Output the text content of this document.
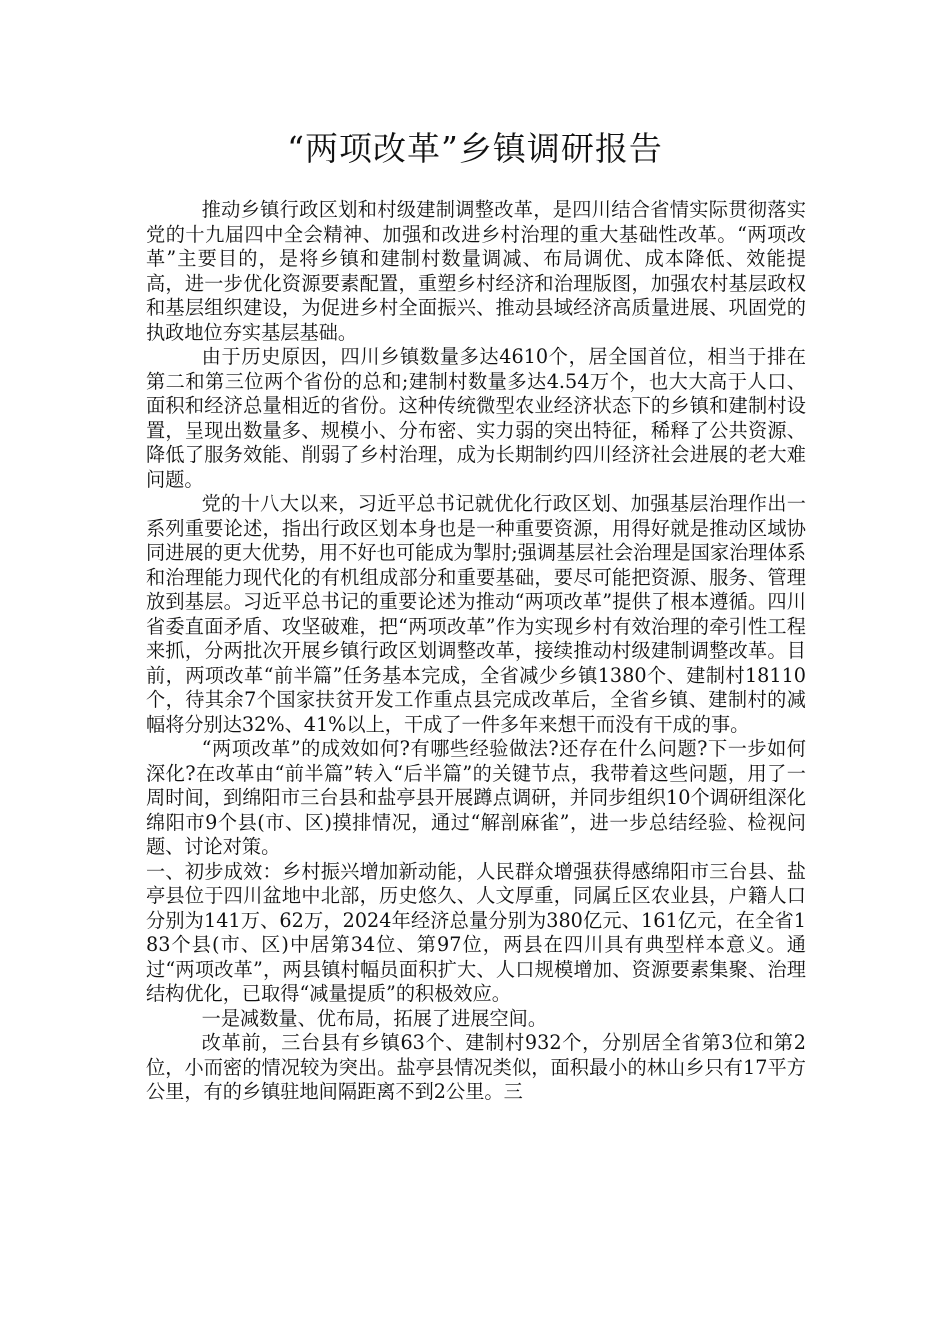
“两项改革”乡镇调研报告

推动乡镇行政区划和村级建制调整改革，是四川结合省情实际贯彻落实党的十九届四中全会精神、加强和改进乡村治理的重大基础性改革。“两项改革”主要目的，是将乡镇和建制村数量调减、布局调优、成本降低、效能提高，进一步优化资源要素配置，重塑乡村经济和治理版图，加强农村基层政权和基层组织建设，为促进乡村全面振兴、推动县域经济高质量进展、巩固党的执政地位夯实基层基础。

由于历史原因，四川乡镇数量多达4610个，居全国首位，相当于排在第二和第三位两个省份的总和;建制村数量多达4.54万个，也大大高于人口、面积和经济总量相近的省份。这种传统微型农业经济状态下的乡镇和建制村设置，呈现出数量多、规模小、分布密、实力弱的突出特征，稀释了公共资源、降低了服务效能、削弱了乡村治理，成为长期制约四川经济社会进展的老大难问题。

党的十八大以来，习近平总书记就优化行政区划、加强基层治理作出一系列重要论述，指出行政区划本身也是一种重要资源，用得好就是推动区域协同进展的更大优势，用不好也可能成为掣肘;强调基层社会治理是国家治理体系和治理能力现代化的有机组成部分和重要基础，要尽可能把资源、服务、管理放到基层。习近平总书记的重要论述为推动“两项改革”提供了根本遵循。四川省委直面矛盾、攻坚破难，把“两项改革”作为实现乡村有效治理的牵引性工程来抓，分两批次开展乡镇行政区划调整改革，接续推动村级建制调整改革。目前，两项改革“前半篇”任务基本完成，全省减少乡镇1380个、建制村18110个，待其余7个国家扶贫开发工作重点县完成改革后，全省乡镇、建制村的减幅将分别达32%、41%以上，干成了一件多年来想干而没有干成的事。

“两项改革”的成效如何?有哪些经验做法?还存在什么问题?下一步如何深化?在改革由“前半篇”转入“后半篇”的关键节点，我带着这些问题，用了一周时间，到绵阳市三台县和盐亭县开展蹲点调研，并同步组织10个调研组深化绵阳市9个县(市、区)摸排情况，通过“解剖麻雀”，进一步总结经验、检视问题、讨论对策。

一、初步成效：乡村振兴增加新动能，人民群众增强获得感绵阳市三台县、盐亭县位于四川盆地中北部，历史悠久、人文厚重，同属丘区农业县，户籍人口分别为141万、62万，2024年经济总量分别为380亿元、161亿元，在全省183个县(市、区)中居第34位、第97位，两县在四川具有典型样本意义。通过“两项改革”，两县镇村幅员面积扩大、人口规模增加、资源要素集聚、治理结构优化，已取得“减量提质”的积极效应。

一是减数量、优布局，拓展了进展空间。

改革前，三台县有乡镇63个、建制村932个，分别居全省第3位和第2位，小而密的情况较为突出。盐亭县情况类似，面积最小的林山乡只有17平方公里，有的乡镇驻地间隔距离不到2公里。三
